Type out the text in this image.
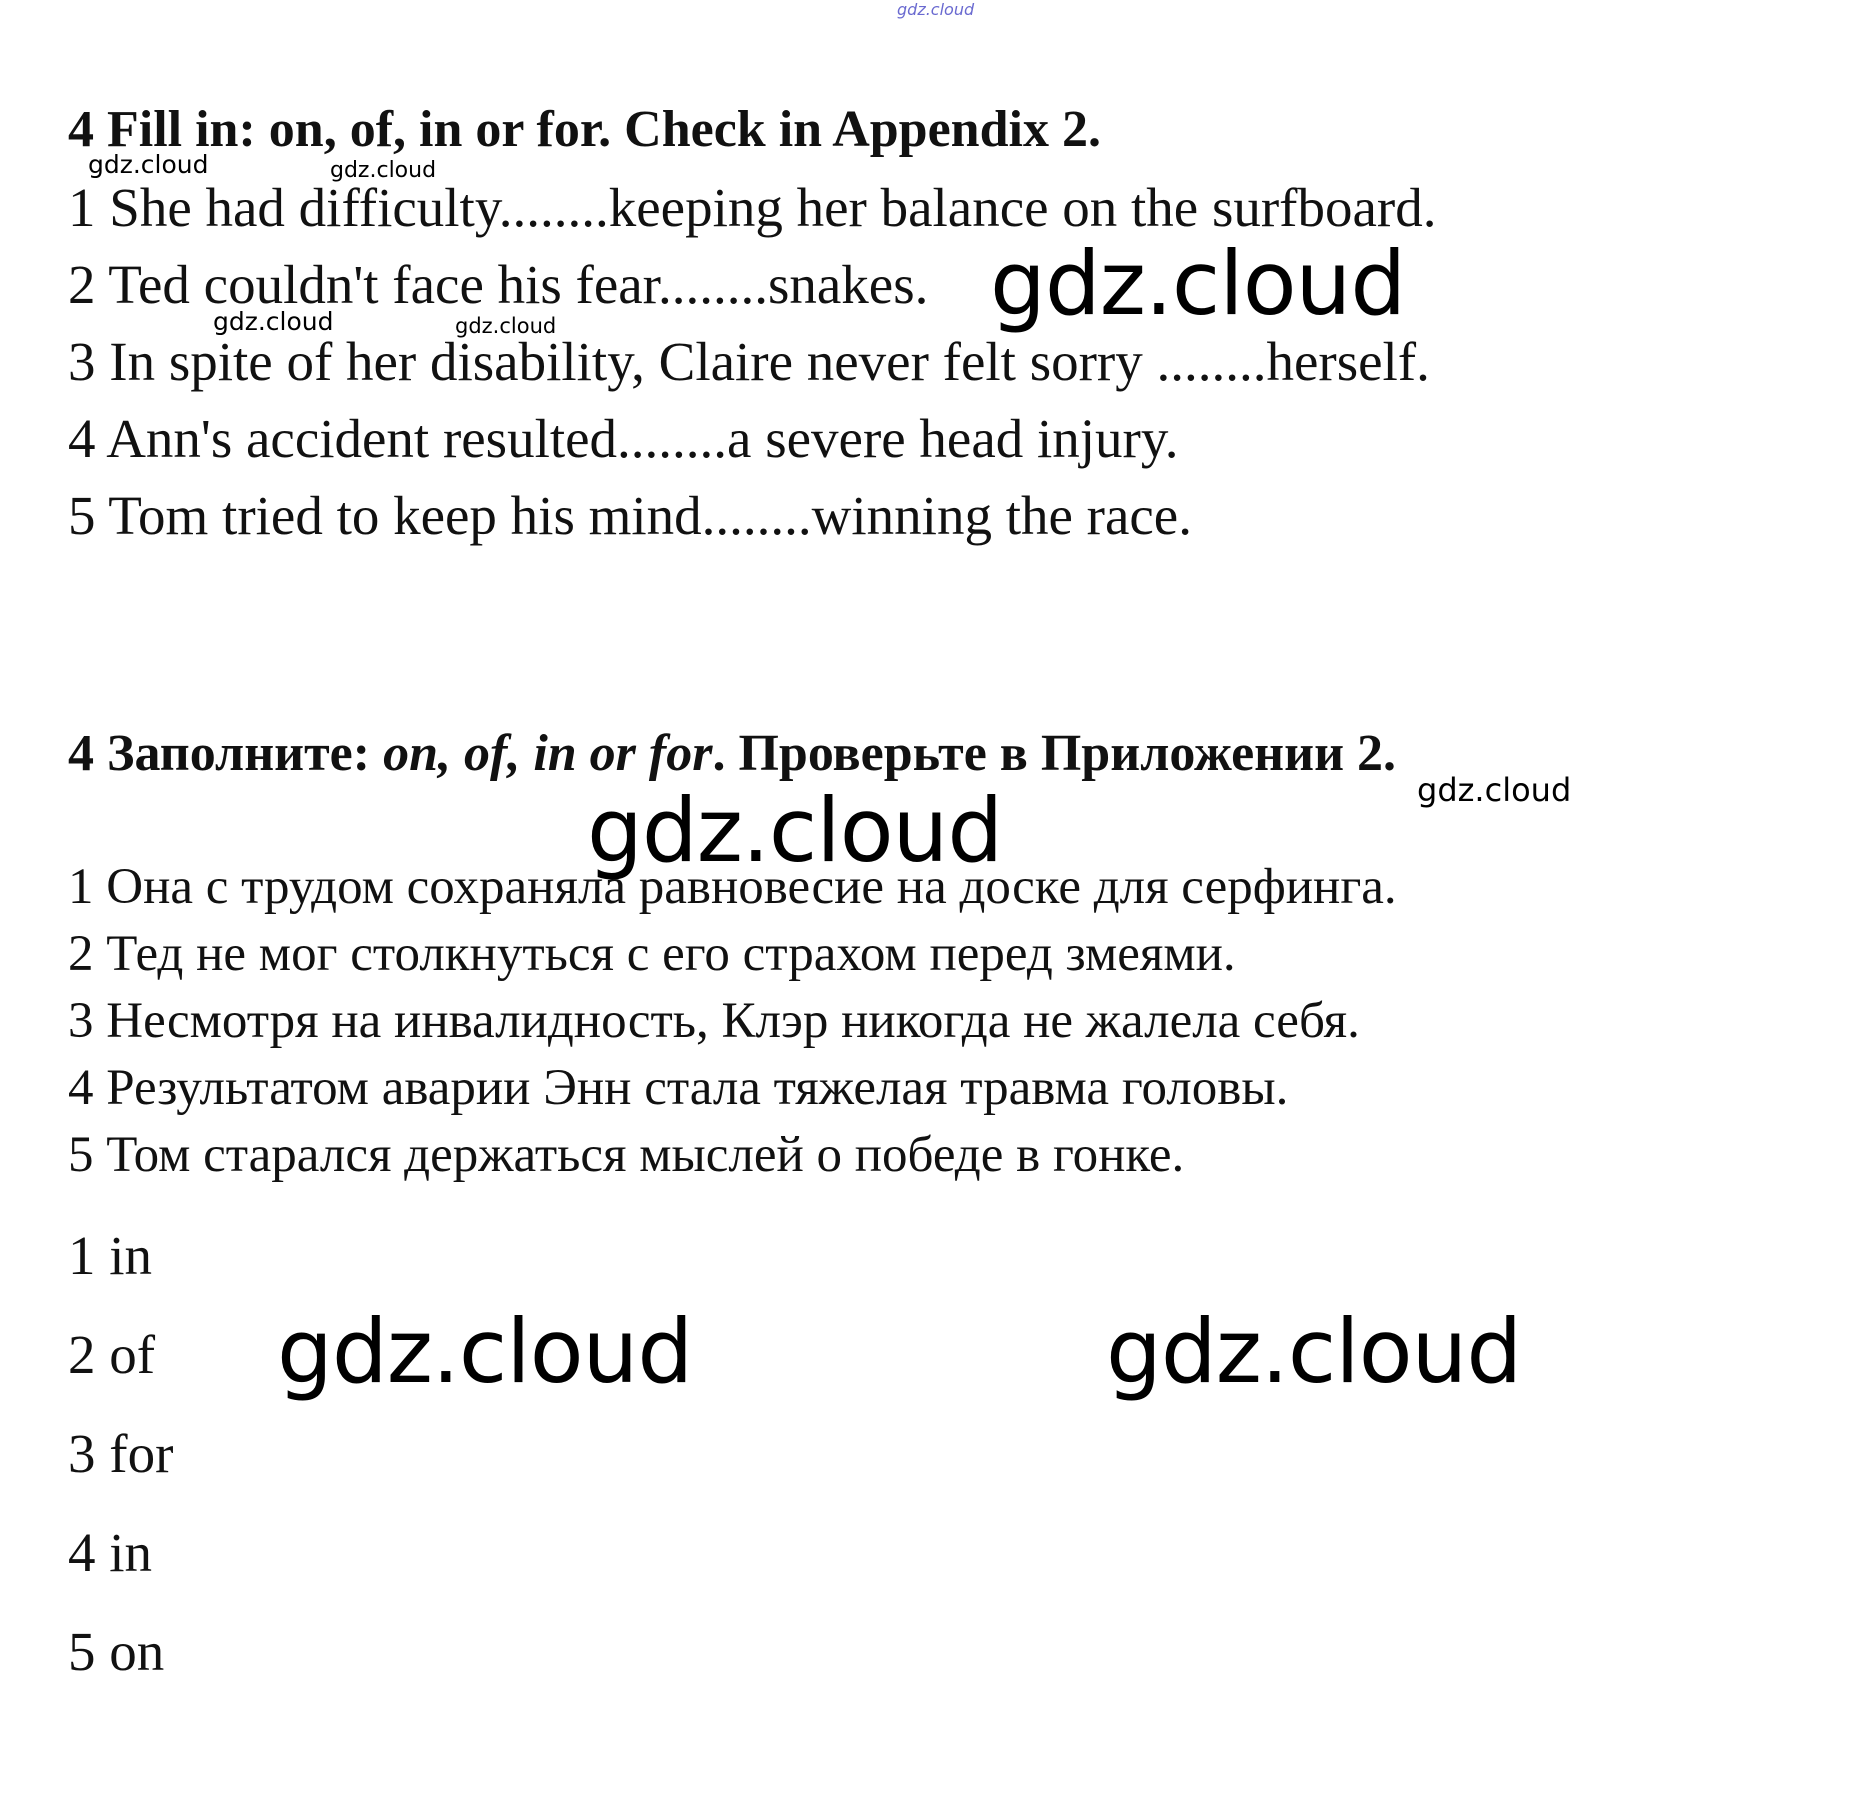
4 Fill in: on, of, in or for. Check in Appendix 2.
1 She had difficulty........keeping her balance on the surfboard.
2 Ted couldn't face his fear........snakes.
3 In spite of her disability, Claire never felt sorry ........herself.
4 Ann's accident resulted........a severe head injury.
5 Tom tried to keep his mind........winning the race.
4 Заполните: on, of, in or for. Проверьте в Приложении 2.
1 Она с трудом сохраняла равновесие на доске для серфинга.
2 Тед не мог столкнуться с его страхом перед змеями.
3 Несмотря на инвалидность, Клэр никогда не жалела себя.
4 Результатом аварии Энн стала тяжелая травма головы.
5 Том старался держаться мыслей о победе в гонке.
1 in
2 of
3 for
4 in
5 on
gdz.cloud
gdz.cloud	gdz.cloud
gdz.cloud
gdz.cloud	gdz.cloud
gdz.cloud
gdz.cloud
gdz.cloud	gdz.cloud
